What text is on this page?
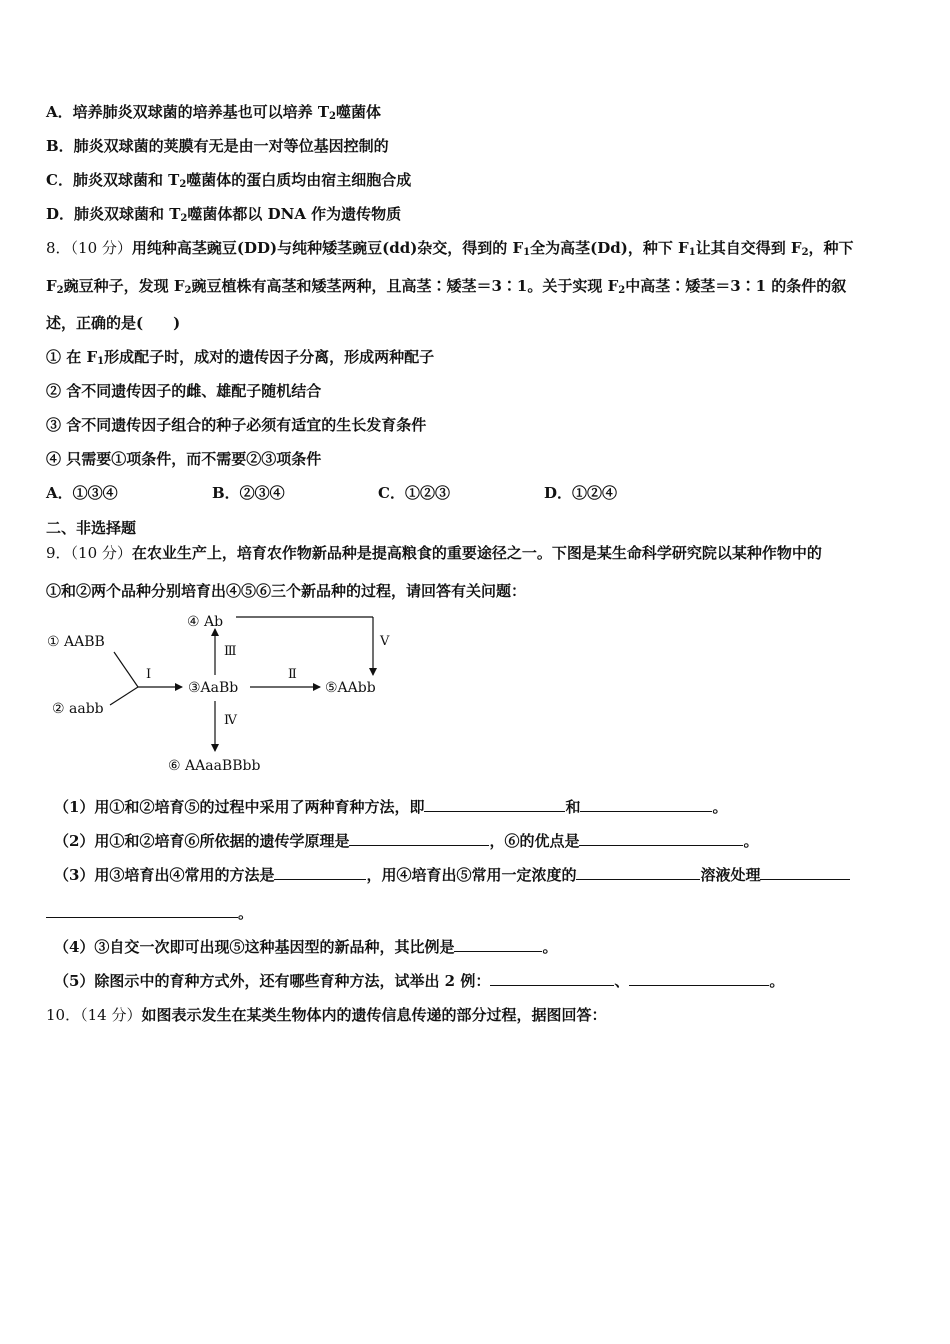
A．培养肺炎双球菌的培养基也可以培养 $T_2$噬菌体
B．肺炎双球菌的荚膜有无是由一对等位基因控制的
C．肺炎双球菌和 $T_2$噬菌体的蛋白质均由宿主细胞合成
D．肺炎双球菌和 $T_2$噬菌体都以 DNA 作为遗传物质
8．（10 分）用纯种高茎豌豆(DD)与纯种矮茎豌豆(dd)杂交，得到的 $F_1$全为高茎(Dd)，种下 $F_1$让其自交得到 $F_2$，种下
$F_2$豌豆种子，发现 $F_2$豌豆植株有高茎和矮茎两种，且高茎∶矮茎＝3∶1。关于实现 $F_2$中高茎∶矮茎＝3∶1 的条件的叙
述，正确的是(　　)
① 在 $F_1$形成配子时，成对的遗传因子分离，形成两种配子
② 含不同遗传因子的雌、雄配子随机结合
③ 含不同遗传因子组合的种子必须有适宜的生长发育条件
④ 只需要①项条件，而不需要②③项条件
A．①③④	B．②③④	C．①②③	D．①②④
二、非选择题
9．（10 分）在农业生产上，培育农作物新品种是提高粮食的重要途径之一。下图是某生命科学研究院以某种作物中的
①和②两个品种分别培育出④⑤⑥三个新品种的过程，请回答有关问题：
① AABB
② aabb
Ⅰ
③AaBb
Ⅱ
⑤AAbb
Ⅲ
④ Ab
Ⅴ
Ⅳ
⑥ AAaaBBbb
（1）用①和②培育⑤的过程中采用了两种育种方法，即	和	。
（2）用①和②培育⑥所依据的遗传学原理是	，⑥的优点是	。
（3）用③培育出④常用的方法是	，用④培育出⑤常用一定浓度的	溶液处理
。
（4）③自交一次即可出现⑤这种基因型的新品种，其比例是	。
（5）除图示中的育种方式外，还有哪些育种方法，试举出 2 例：	、	。
10．（14 分）如图表示发生在某类生物体内的遗传信息传递的部分过程，据图回答：
